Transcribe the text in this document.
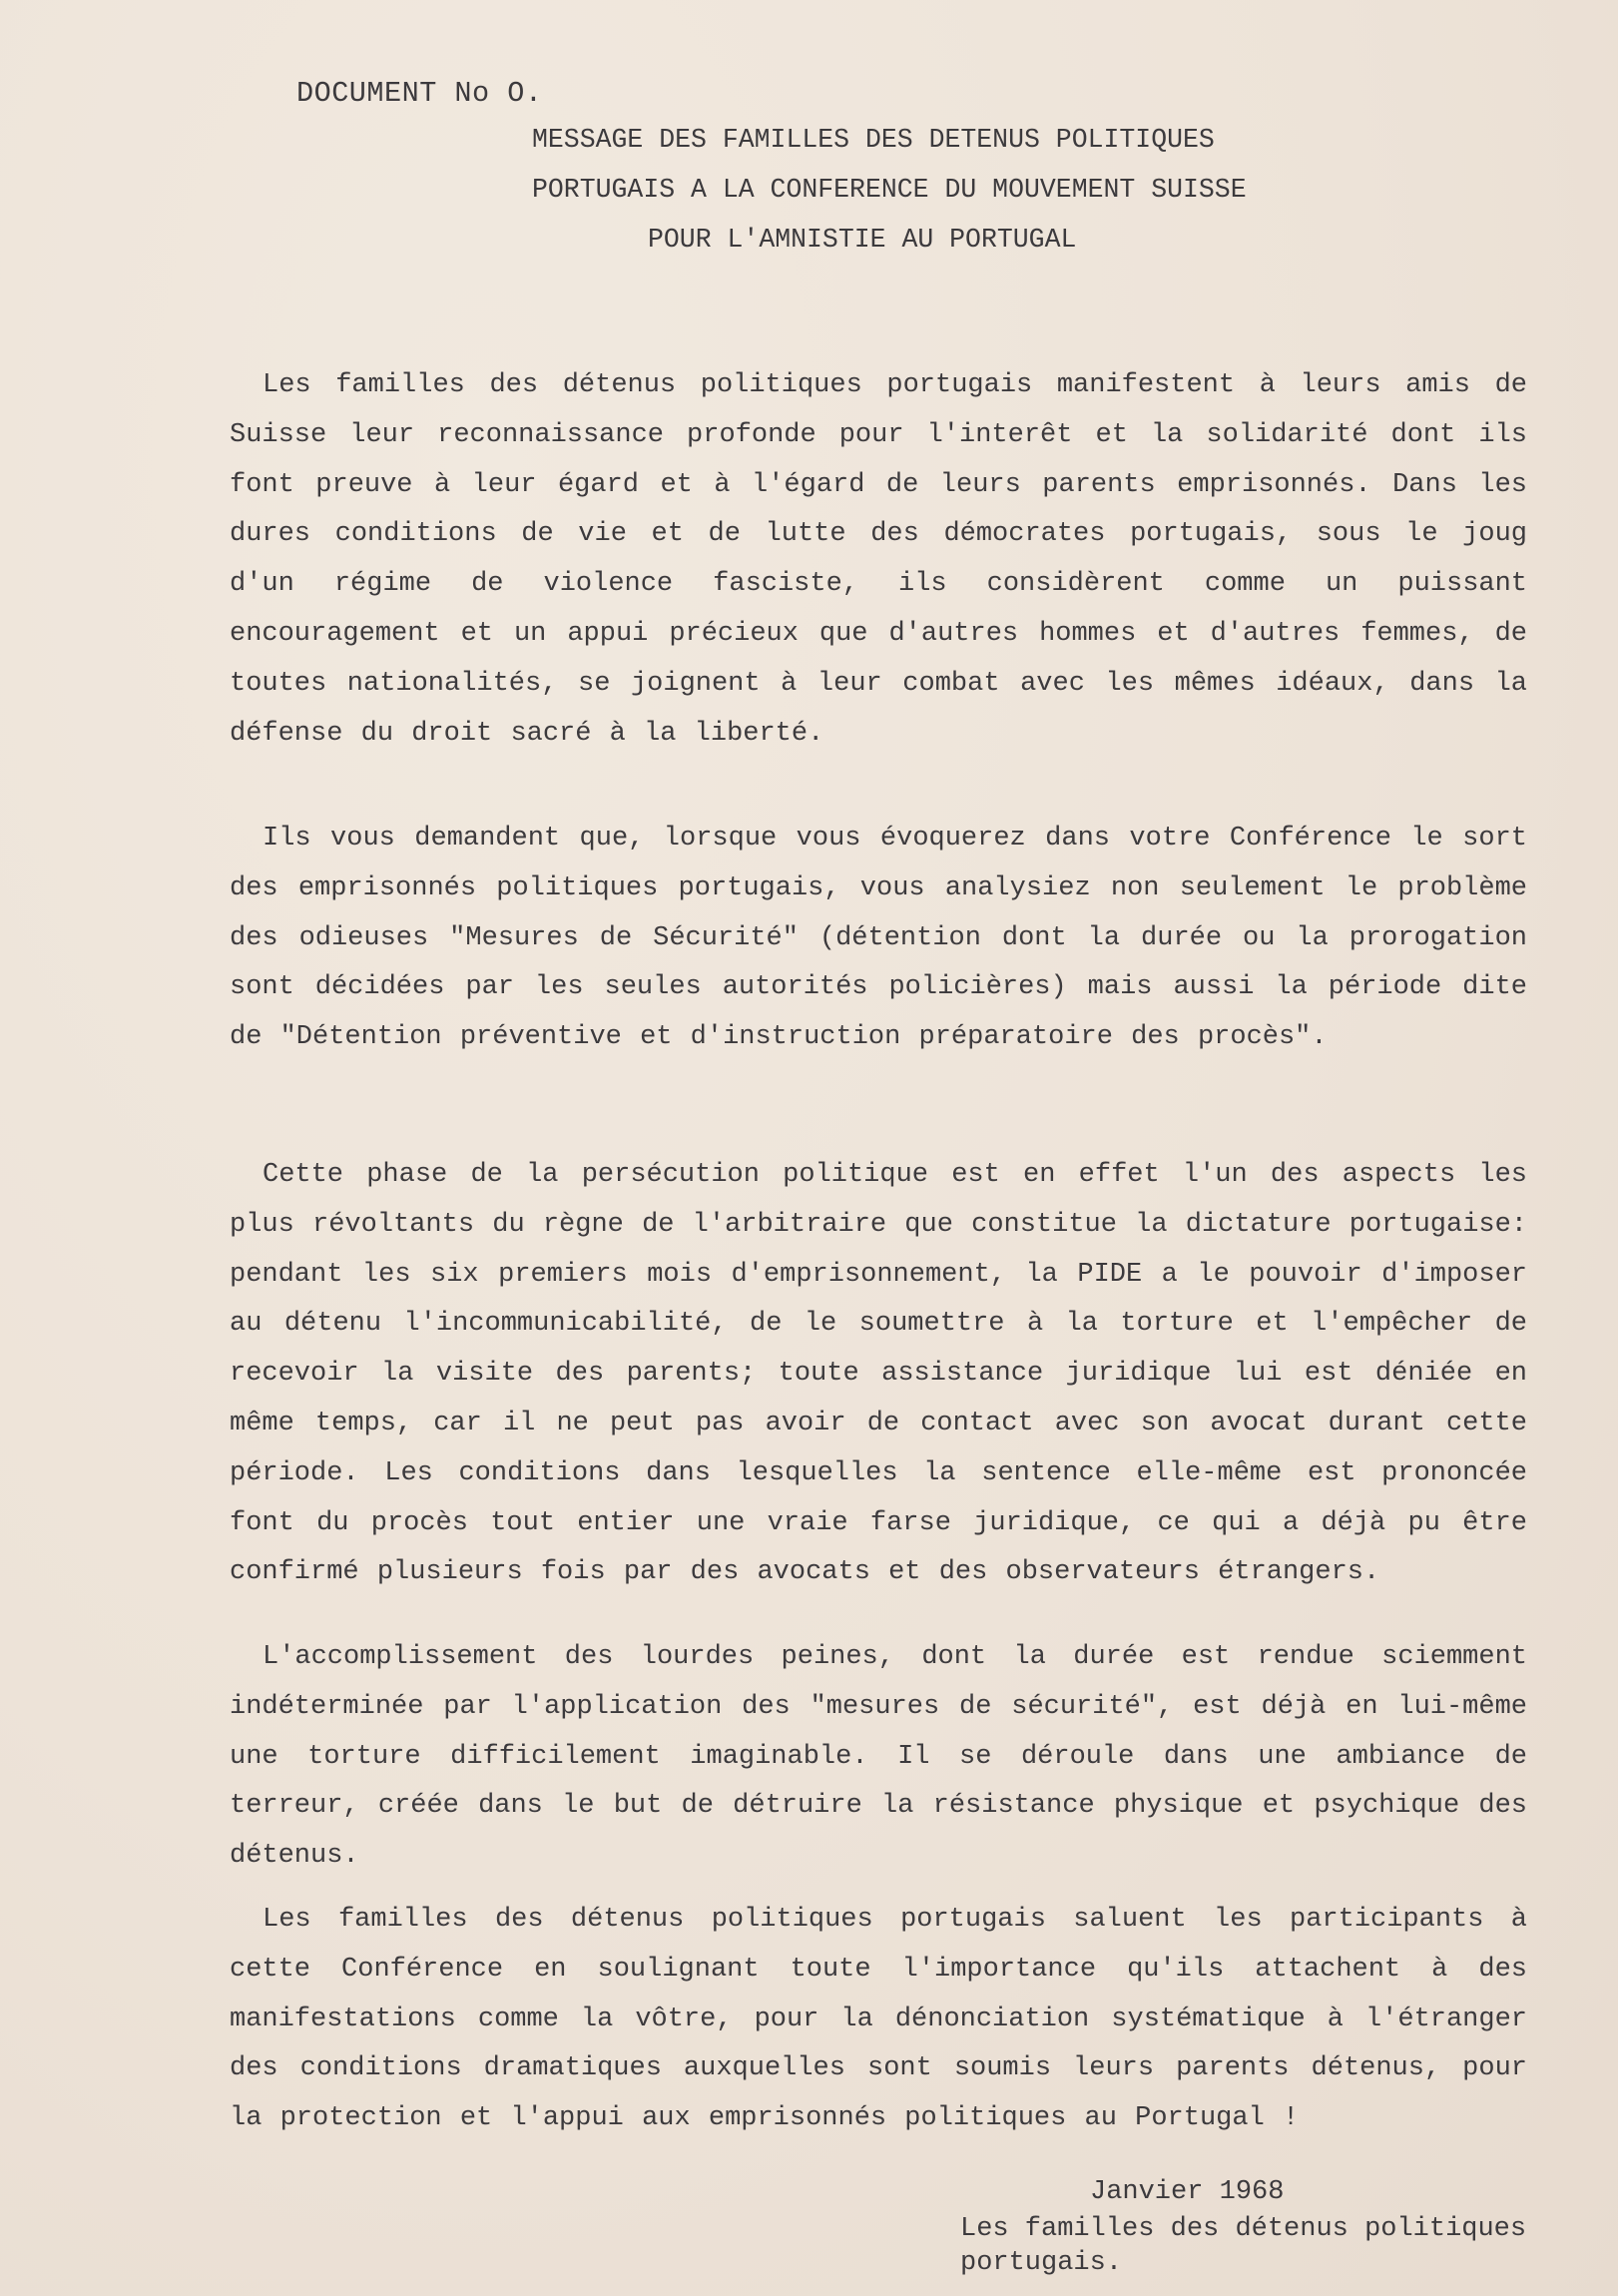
DOCUMENT No O.
MESSAGE DES FAMILLES DES DETENUS POLITIQUES
PORTUGAIS A LA CONFERENCE DU MOUVEMENT SUISSE
POUR L'AMNISTIE AU PORTUGAL

Les familles des détenus politiques portugais manifestent à leurs amis de Suisse leur reconnaissance profonde pour l'interêt et la solidarité dont ils font preuve à leur égard et à l'égard de leurs parents emprisonnés. Dans les dures conditions de vie et de lutte des démocrates portugais, sous le joug d'un régime de violence fasciste, ils considèrent comme un puissant encouragement et un appui précieux que d'autres hommes et d'autres femmes, de toutes nationalités, se joignent à leur combat avec les mêmes idéaux, dans la défense du droit sacré à la liberté.

Ils vous demandent que, lorsque vous évoquerez dans votre Conférence le sort des emprisonnés politiques portugais, vous analysiez non seulement le problème des odieuses "Mesures de Sécurité" (détention dont la durée ou la prorogation sont décidées par les seules autorités policières) mais aussi la période dite de "Détention préventive et d'instruction préparatoire des procès".

Cette phase de la persécution politique est en effet l'un des aspects les plus révoltants du règne de l'arbitraire que constitue la dictature portugaise: pendant les six premiers mois d'emprisonnement, la PIDE a le pouvoir d'imposer au détenu l'incommunicabilité, de le soumettre à la torture et l'empêcher de recevoir la visite des parents; toute assistance juridique lui est déniée en même temps, car il ne peut pas avoir de contact avec son avocat durant cette période. Les conditions dans lesquelles la sentence elle-même est prononcée font du procès tout entier une vraie farse juridique, ce qui a déjà pu être confirmé plusieurs fois par des avocats et des observateurs étrangers.

L'accomplissement des lourdes peines, dont la durée est rendue sciemment indéterminée par l'application des "mesures de sécurité", est déjà en lui-même une torture difficilement imaginable. Il se déroule dans une ambiance de terreur, créée dans le but de détruire la résistance physique et psychique des détenus.

Les familles des détenus politiques portugais saluent les participants à cette Conférence en soulignant toute l'importance qu'ils attachent à des manifestations comme la vôtre, pour la dénonciation systématique à l'étranger des conditions dramatiques auxquelles sont soumis leurs parents détenus, pour la protection et l'appui aux emprisonnés politiques au Portugal !

Janvier 1968
Les familles des détenus politiques
portugais.
